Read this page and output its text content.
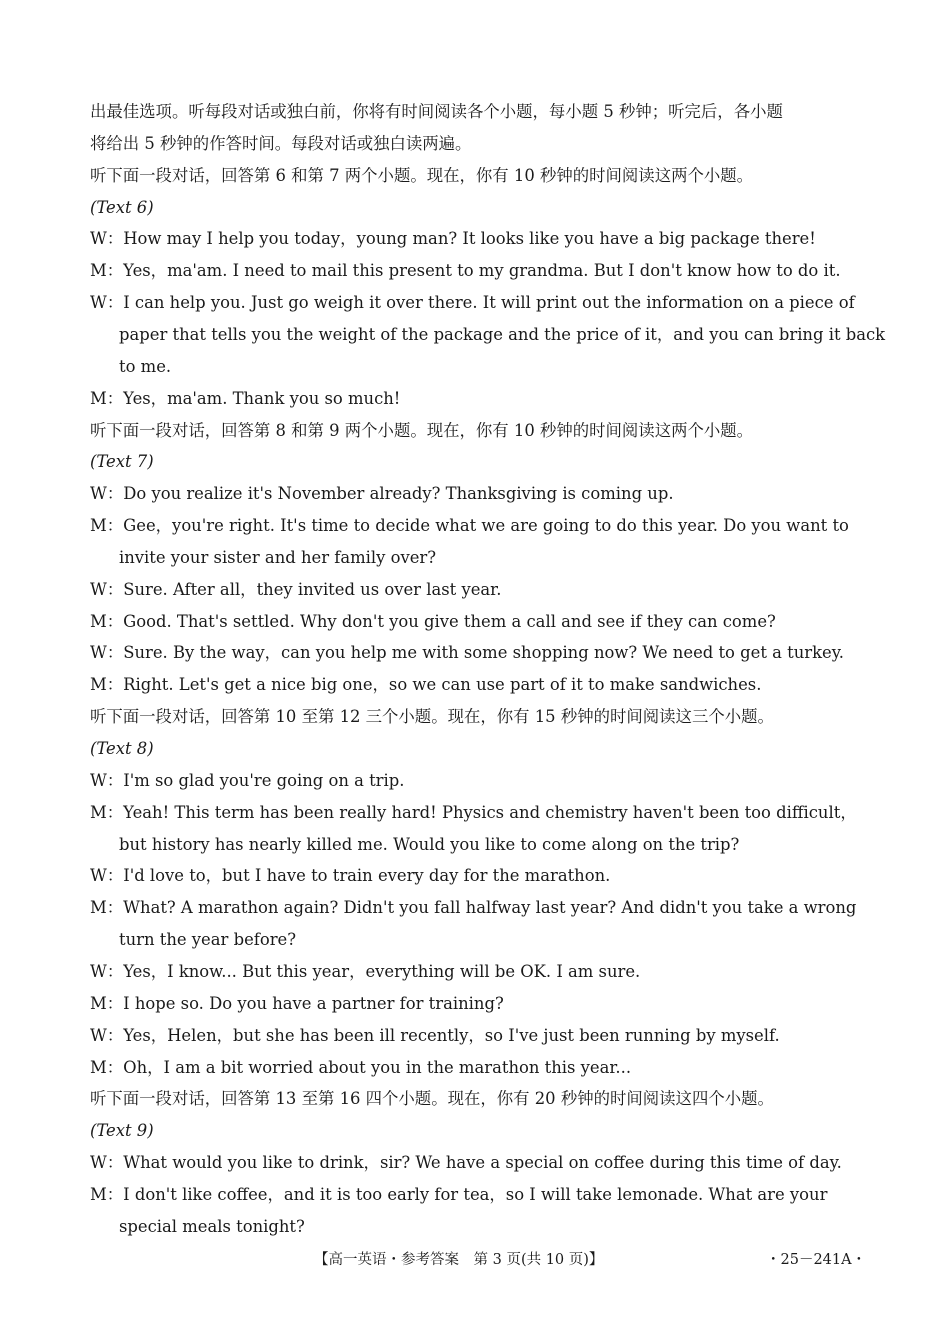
出最佳选项。听每段对话或独白前，你将有时间阅读各个小题，每小题 5 秒钟；听完后，各小题
将给出 5 秒钟的作答时间。每段对话或独白读两遍。
听下面一段对话，回答第 6 和第 7 两个小题。现在，你有 10 秒钟的时间阅读这两个小题。
(Text 6)
W：How may I help you today，young man? It looks like you have a big package there!
M：Yes，ma'am. I need to mail this present to my grandma. But I don't know how to do it.
W：I can help you. Just go weigh it over there. It will print out the information on a piece of
paper that tells you the weight of the package and the price of it，and you can bring it back
to me.
M：Yes，ma'am. Thank you so much!
听下面一段对话，回答第 8 和第 9 两个小题。现在，你有 10 秒钟的时间阅读这两个小题。
(Text 7)
W：Do you realize it's November already? Thanksgiving is coming up.
M：Gee，you're right. It's time to decide what we are going to do this year. Do you want to
invite your sister and her family over?
W：Sure. After all，they invited us over last year.
M：Good. That's settled. Why don't you give them a call and see if they can come?
W：Sure. By the way，can you help me with some shopping now? We need to get a turkey.
M：Right. Let's get a nice big one，so we can use part of it to make sandwiches.
听下面一段对话，回答第 10 至第 12 三个小题。现在，你有 15 秒钟的时间阅读这三个小题。
(Text 8)
W：I'm so glad you're going on a trip.
M：Yeah! This term has been really hard! Physics and chemistry haven't been too difficult，
but history has nearly killed me. Would you like to come along on the trip?
W：I'd love to，but I have to train every day for the marathon.
M：What? A marathon again? Didn't you fall halfway last year? And didn't you take a wrong
turn the year before?
W：Yes，I know... But this year，everything will be OK. I am sure.
M：I hope so. Do you have a partner for training?
W：Yes，Helen，but she has been ill recently，so I've just been running by myself.
M：Oh，I am a bit worried about you in the marathon this year...
听下面一段对话，回答第 13 至第 16 四个小题。现在，你有 20 秒钟的时间阅读这四个小题。
(Text 9)
W：What would you like to drink，sir? We have a special on coffee during this time of day.
M：I don't like coffee，and it is too early for tea，so I will take lemonade. What are your
special meals tonight?
【高一英语・参考答案　第 3 页(共 10 页)】	・25－241A・
